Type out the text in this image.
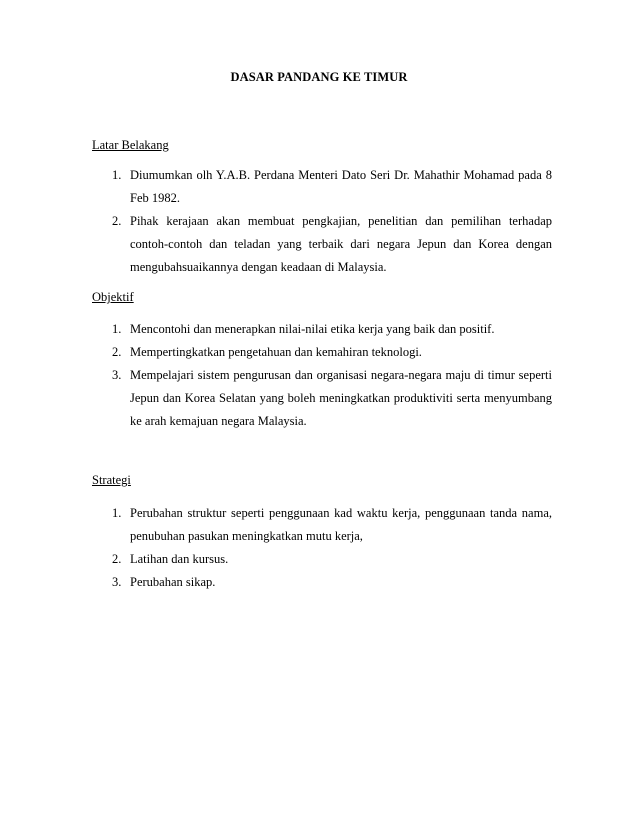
DASAR PANDANG KE TIMUR

Latar Belakang

1. Diumumkan olh Y.A.B. Perdana Menteri Dato Seri Dr. Mahathir Mohamad pada 8 Feb 1982.
2. Pihak kerajaan akan membuat pengkajian, penelitian dan pemilihan terhadap contoh-contoh dan teladan yang terbaik dari negara Jepun dan Korea dengan mengubahsuaikannya dengan keadaan di Malaysia.

Objektif

1. Mencontohi dan menerapkan nilai-nilai etika kerja yang baik dan positif.
2. Mempertingkatkan pengetahuan dan kemahiran teknologi.
3. Mempelajari sistem pengurusan dan organisasi negara-negara maju di timur seperti Jepun dan Korea Selatan yang boleh meningkatkan produktiviti serta menyumbang ke arah kemajuan negara Malaysia.

Strategi

1. Perubahan struktur seperti penggunaan kad waktu kerja, penggunaan tanda nama, penubuhan pasukan meningkatkan mutu kerja,
2. Latihan dan kursus.
3. Perubahan sikap.
